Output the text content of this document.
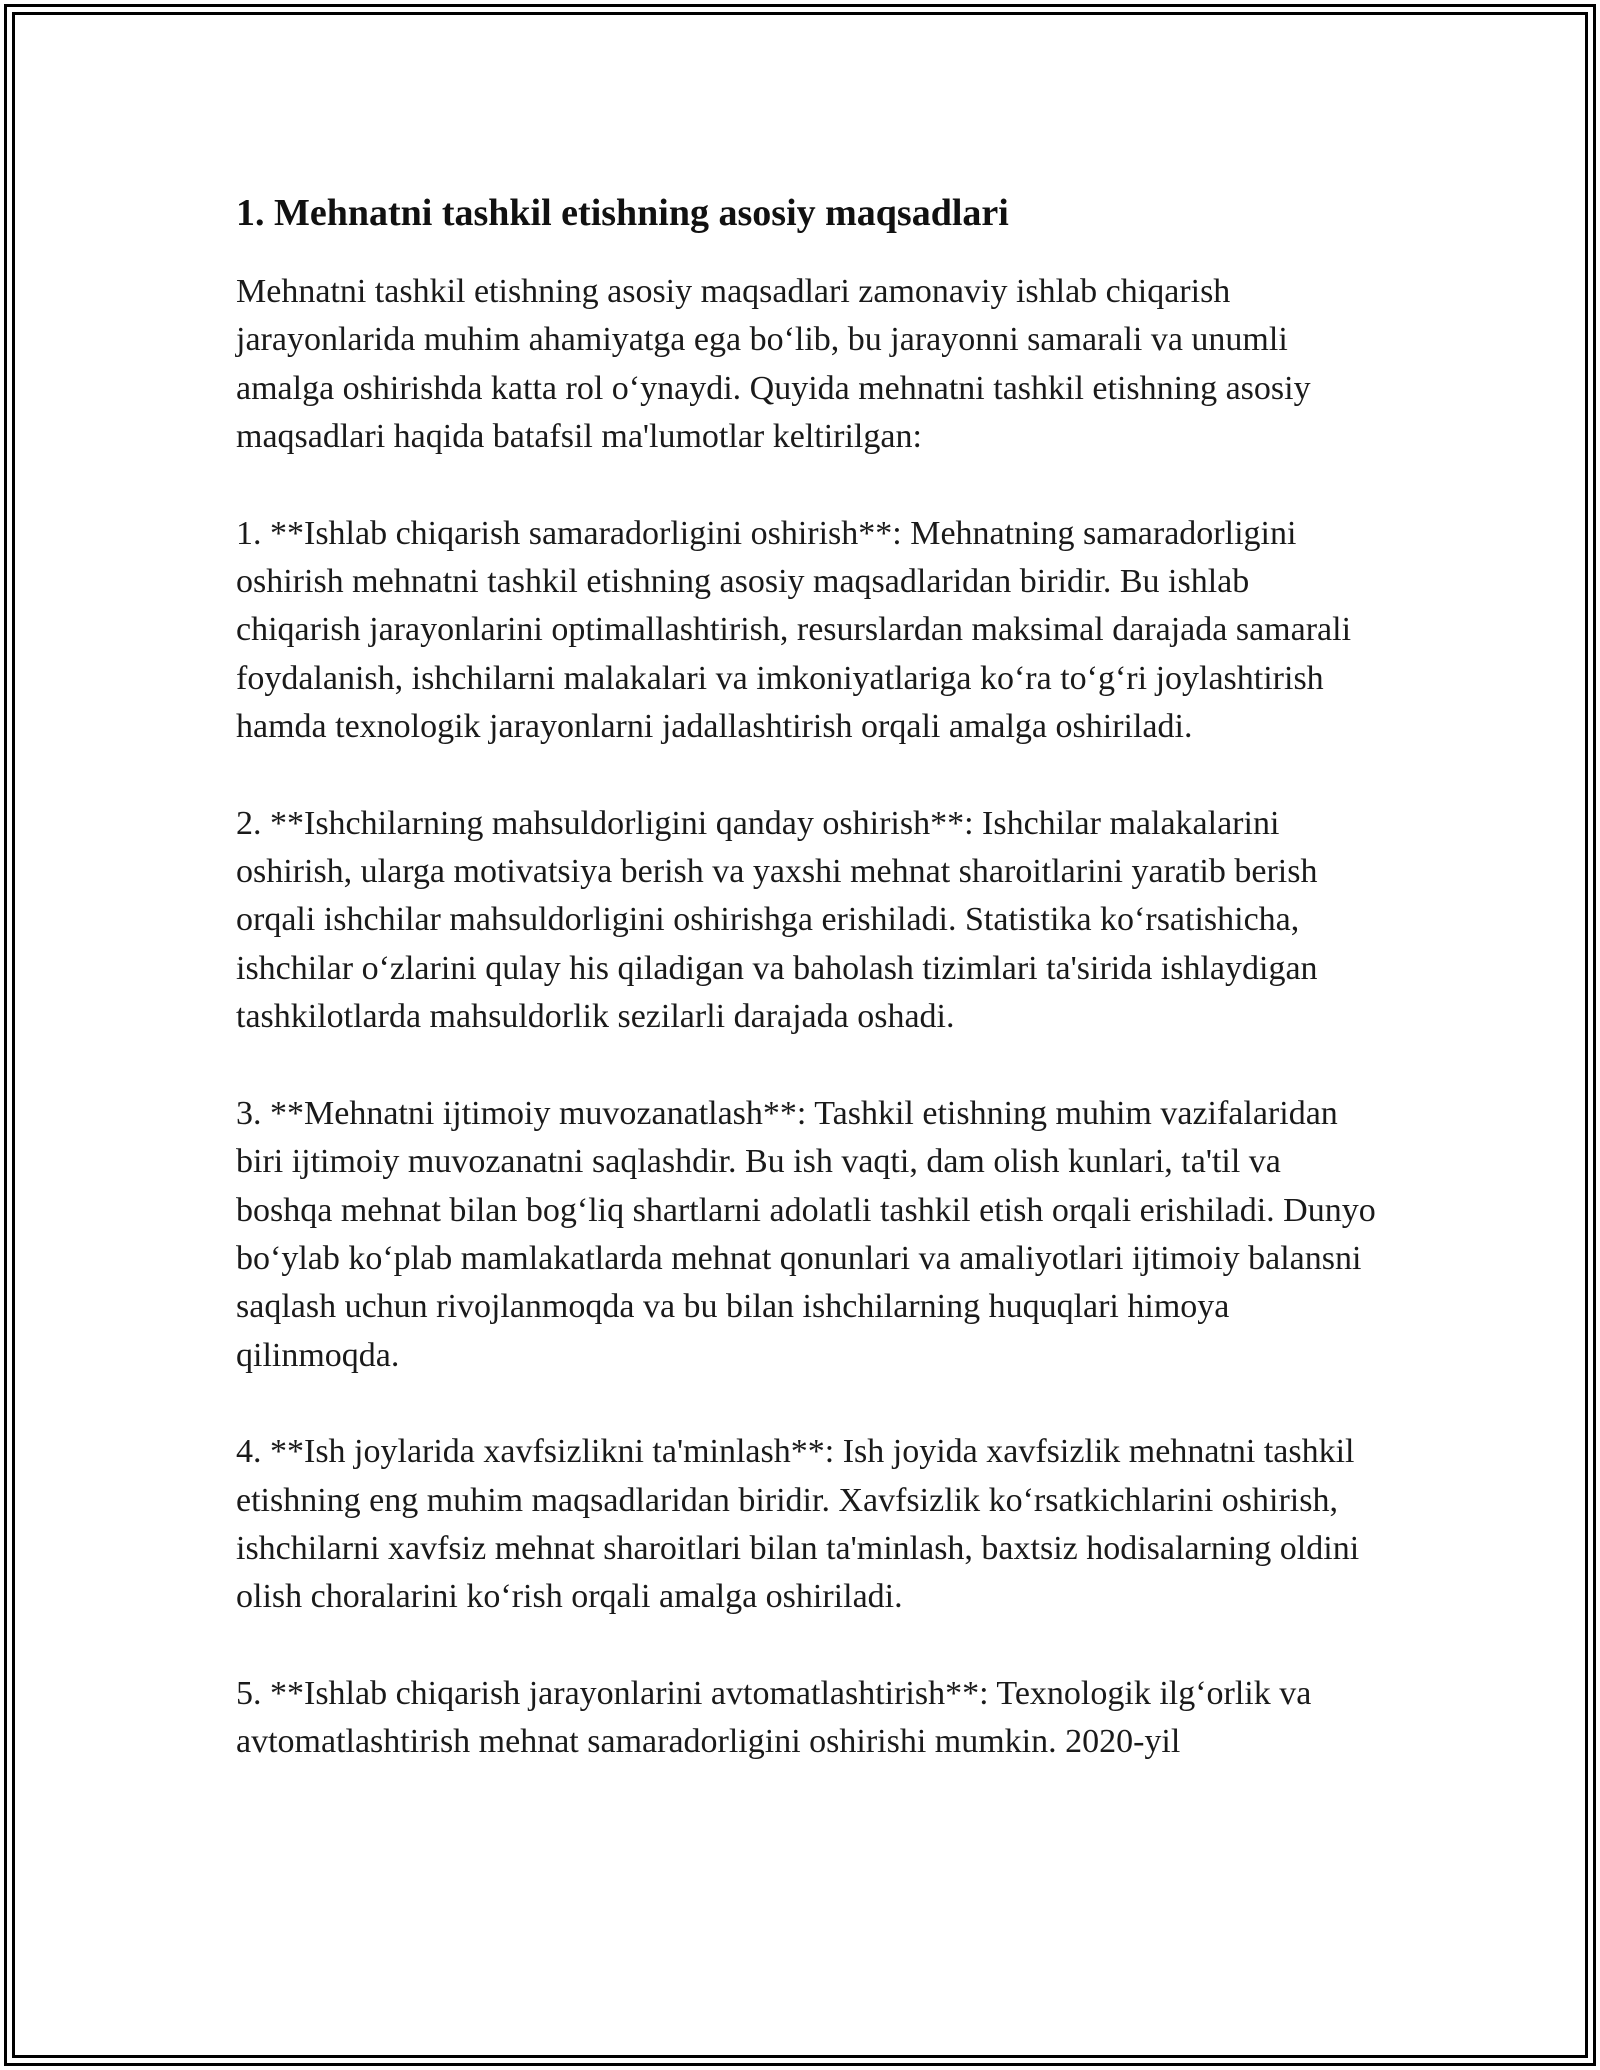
1. Mehnatni tashkil etishning asosiy maqsadlari

Mehnatni tashkil etishning asosiy maqsadlari zamonaviy ishlab chiqarish jarayonlarida muhim ahamiyatga ega bo‘lib, bu jarayonni samarali va unumli amalga oshirishda katta rol o‘ynaydi. Quyida mehnatni tashkil etishning asosiy maqsadlari haqida batafsil ma'lumotlar keltirilgan:

1. **Ishlab chiqarish samaradorligini oshirish**: Mehnatning samaradorligini oshirish mehnatni tashkil etishning asosiy maqsadlaridan biridir. Bu ishlab chiqarish jarayonlarini optimallashtirish, resurslardan maksimal darajada samarali foydalanish, ishchilarni malakalari va imkoniyatlariga ko‘ra to‘g‘ri joylashtirish hamda texnologik jarayonlarni jadallashtirish orqali amalga oshiriladi.

2. **Ishchilarning mahsuldorligini qanday oshirish**: Ishchilar malakalarini oshirish, ularga motivatsiya berish va yaxshi mehnat sharoitlarini yaratib berish orqali ishchilar mahsuldorligini oshirishga erishiladi. Statistika ko‘rsatishicha, ishchilar o‘zlarini qulay his qiladigan va baholash tizimlari ta'sirida ishlaydigan tashkilotlarda mahsuldorlik sezilarli darajada oshadi.

3. **Mehnatni ijtimoiy muvozanatlash**: Tashkil etishning muhim vazifalaridan biri ijtimoiy muvozanatni saqlashdir. Bu ish vaqti, dam olish kunlari, ta'til va boshqa mehnat bilan bog‘liq shartlarni adolatli tashkil etish orqali erishiladi. Dunyo bo‘ylab ko‘plab mamlakatlarda mehnat qonunlari va amaliyotlari ijtimoiy balansni saqlash uchun rivojlanmoqda va bu bilan ishchilarning huquqlari himoya qilinmoqda.

4. **Ish joylarida xavfsizlikni ta'minlash**: Ish joyida xavfsizlik mehnatni tashkil etishning eng muhim maqsadlaridan biridir. Xavfsizlik ko‘rsatkichlarini oshirish, ishchilarni xavfsiz mehnat sharoitlari bilan ta'minlash, baxtsiz hodisalarning oldini olish choralarini ko‘rish orqali amalga oshiriladi.

5. **Ishlab chiqarish jarayonlarini avtomatlashtirish**: Texnologik ilg‘orlik va avtomatlashtirish mehnat samaradorligini oshirishi mumkin. 2020-yil
